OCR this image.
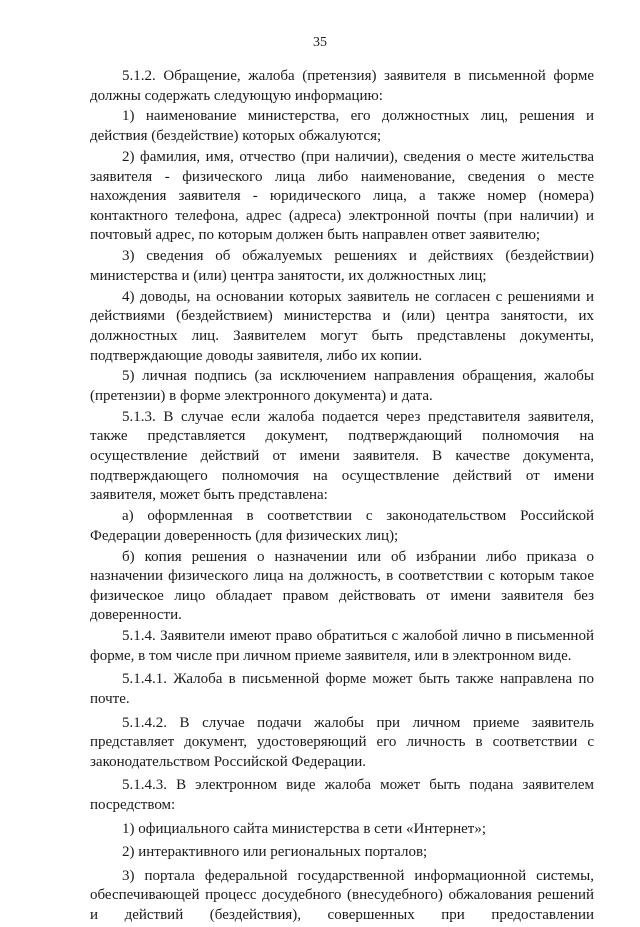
35

5.1.2. Обращение, жалоба (претензия) заявителя в письменной форме должны содержать следующую информацию:

1) наименование министерства, его должностных лиц, решения и действия (бездействие) которых обжалуются;

2) фамилия, имя, отчество (при наличии), сведения о месте жительства заявителя - физического лица либо наименование, сведения о месте нахождения заявителя - юридического лица, а также номер (номера) контактного телефона, адрес (адреса) электронной почты (при наличии) и почтовый адрес, по которым должен быть направлен ответ заявителю;

3) сведения об обжалуемых решениях и действиях (бездействии) министерства и (или) центра занятости, их должностных лиц;

4) доводы, на основании которых заявитель не согласен с решениями и действиями (бездействием) министерства и (или) центра занятости, их должностных лиц. Заявителем могут быть представлены документы, подтверждающие доводы заявителя, либо их копии.

5) личная подпись (за исключением направления обращения, жалобы (претензии) в форме электронного документа) и дата.

5.1.3. В случае если жалоба подается через представителя заявителя, также представляется документ, подтверждающий полномочия на осуществление действий от имени заявителя. В качестве документа, подтверждающего полномочия на осуществление действий от имени заявителя, может быть представлена:

а) оформленная в соответствии с законодательством Российской Федерации доверенность (для физических лиц);

б) копия решения о назначении или об избрании либо приказа о назначении физического лица на должность, в соответствии с которым такое физическое лицо обладает правом действовать от имени заявителя без доверенности.

5.1.4. Заявители имеют право обратиться с жалобой лично в письменной форме, в том числе при личном приеме заявителя, или в электронном виде.

5.1.4.1. Жалоба в письменной форме может быть также направлена по почте.

5.1.4.2. В случае подачи жалобы при личном приеме заявитель представляет документ, удостоверяющий его личность в соответствии с законодательством Российской Федерации.

5.1.4.3. В электронном виде жалоба может быть подана заявителем посредством:

1) официального сайта министерства в сети «Интернет»;

2) интерактивного или региональных порталов;

3) портала федеральной государственной информационной системы, обеспечивающей процесс досудебного (внесудебного) обжалования решений и действий (бездействия), совершенных при предоставлении
